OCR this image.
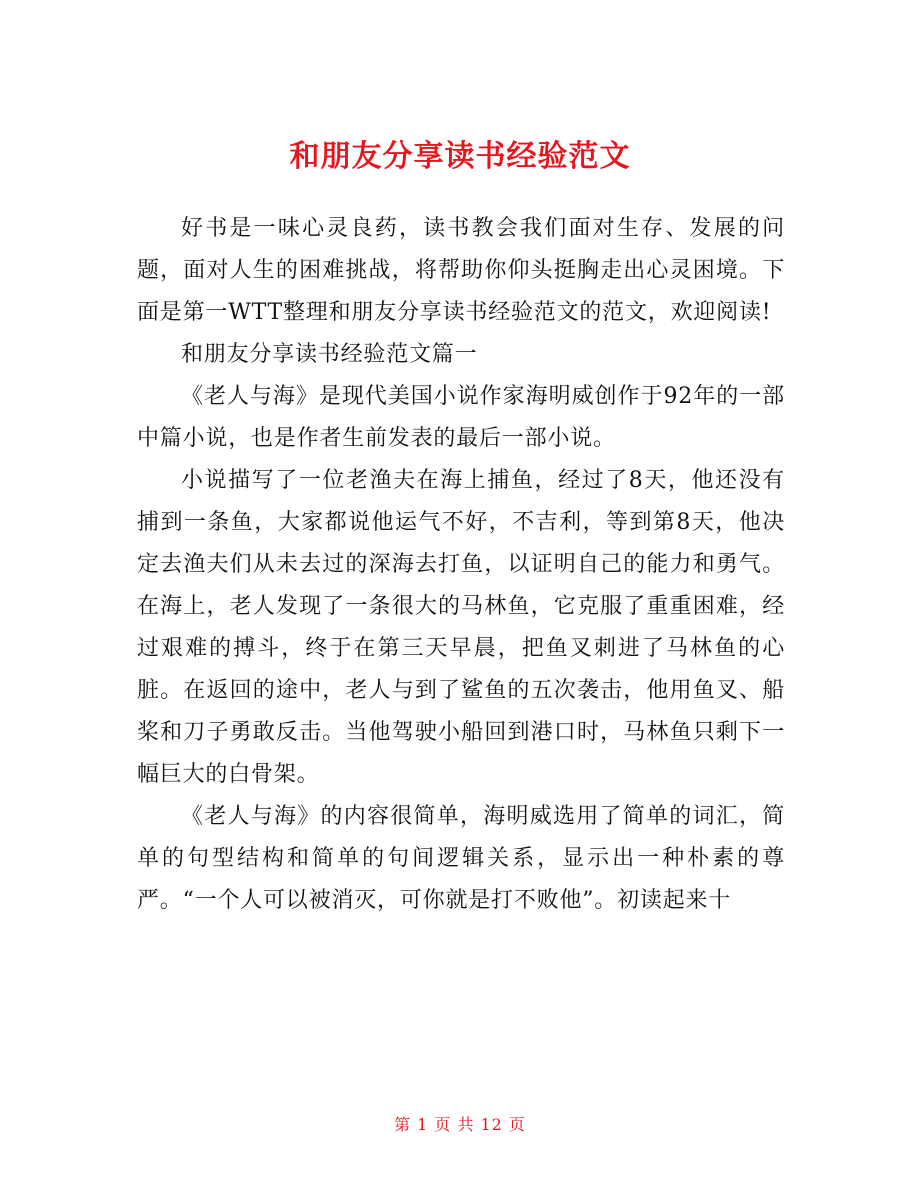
和朋友分享读书经验范文

好书是一味心灵良药，读书教会我们面对生存、发展的问题，面对人生的困难挑战，将帮助你仰头挺胸走出心灵困境。下面是第一WTT整理和朋友分享读书经验范文的范文，欢迎阅读!

和朋友分享读书经验范文篇一

《老人与海》是现代美国小说作家海明威创作于92年的一部中篇小说，也是作者生前发表的最后一部小说。

小说描写了一位老渔夫在海上捕鱼，经过了8天，他还没有捕到一条鱼，大家都说他运气不好，不吉利，等到第8天，他决定去渔夫们从未去过的深海去打鱼，以证明自己的能力和勇气。在海上，老人发现了一条很大的马林鱼，它克服了重重困难，经过艰难的搏斗，终于在第三天早晨，把鱼叉刺进了马林鱼的心脏。在返回的途中，老人与到了鲨鱼的五次袭击，他用鱼叉、船桨和刀子勇敢反击。当他驾驶小船回到港口时，马林鱼只剩下一幅巨大的白骨架。

《老人与海》的内容很简单，海明威选用了简单的词汇，简单的句型结构和简单的句间逻辑关系，显示出一种朴素的尊严。“一个人可以被消灭，可你就是打不败他”。初读起来十

第 1 页 共 12 页
